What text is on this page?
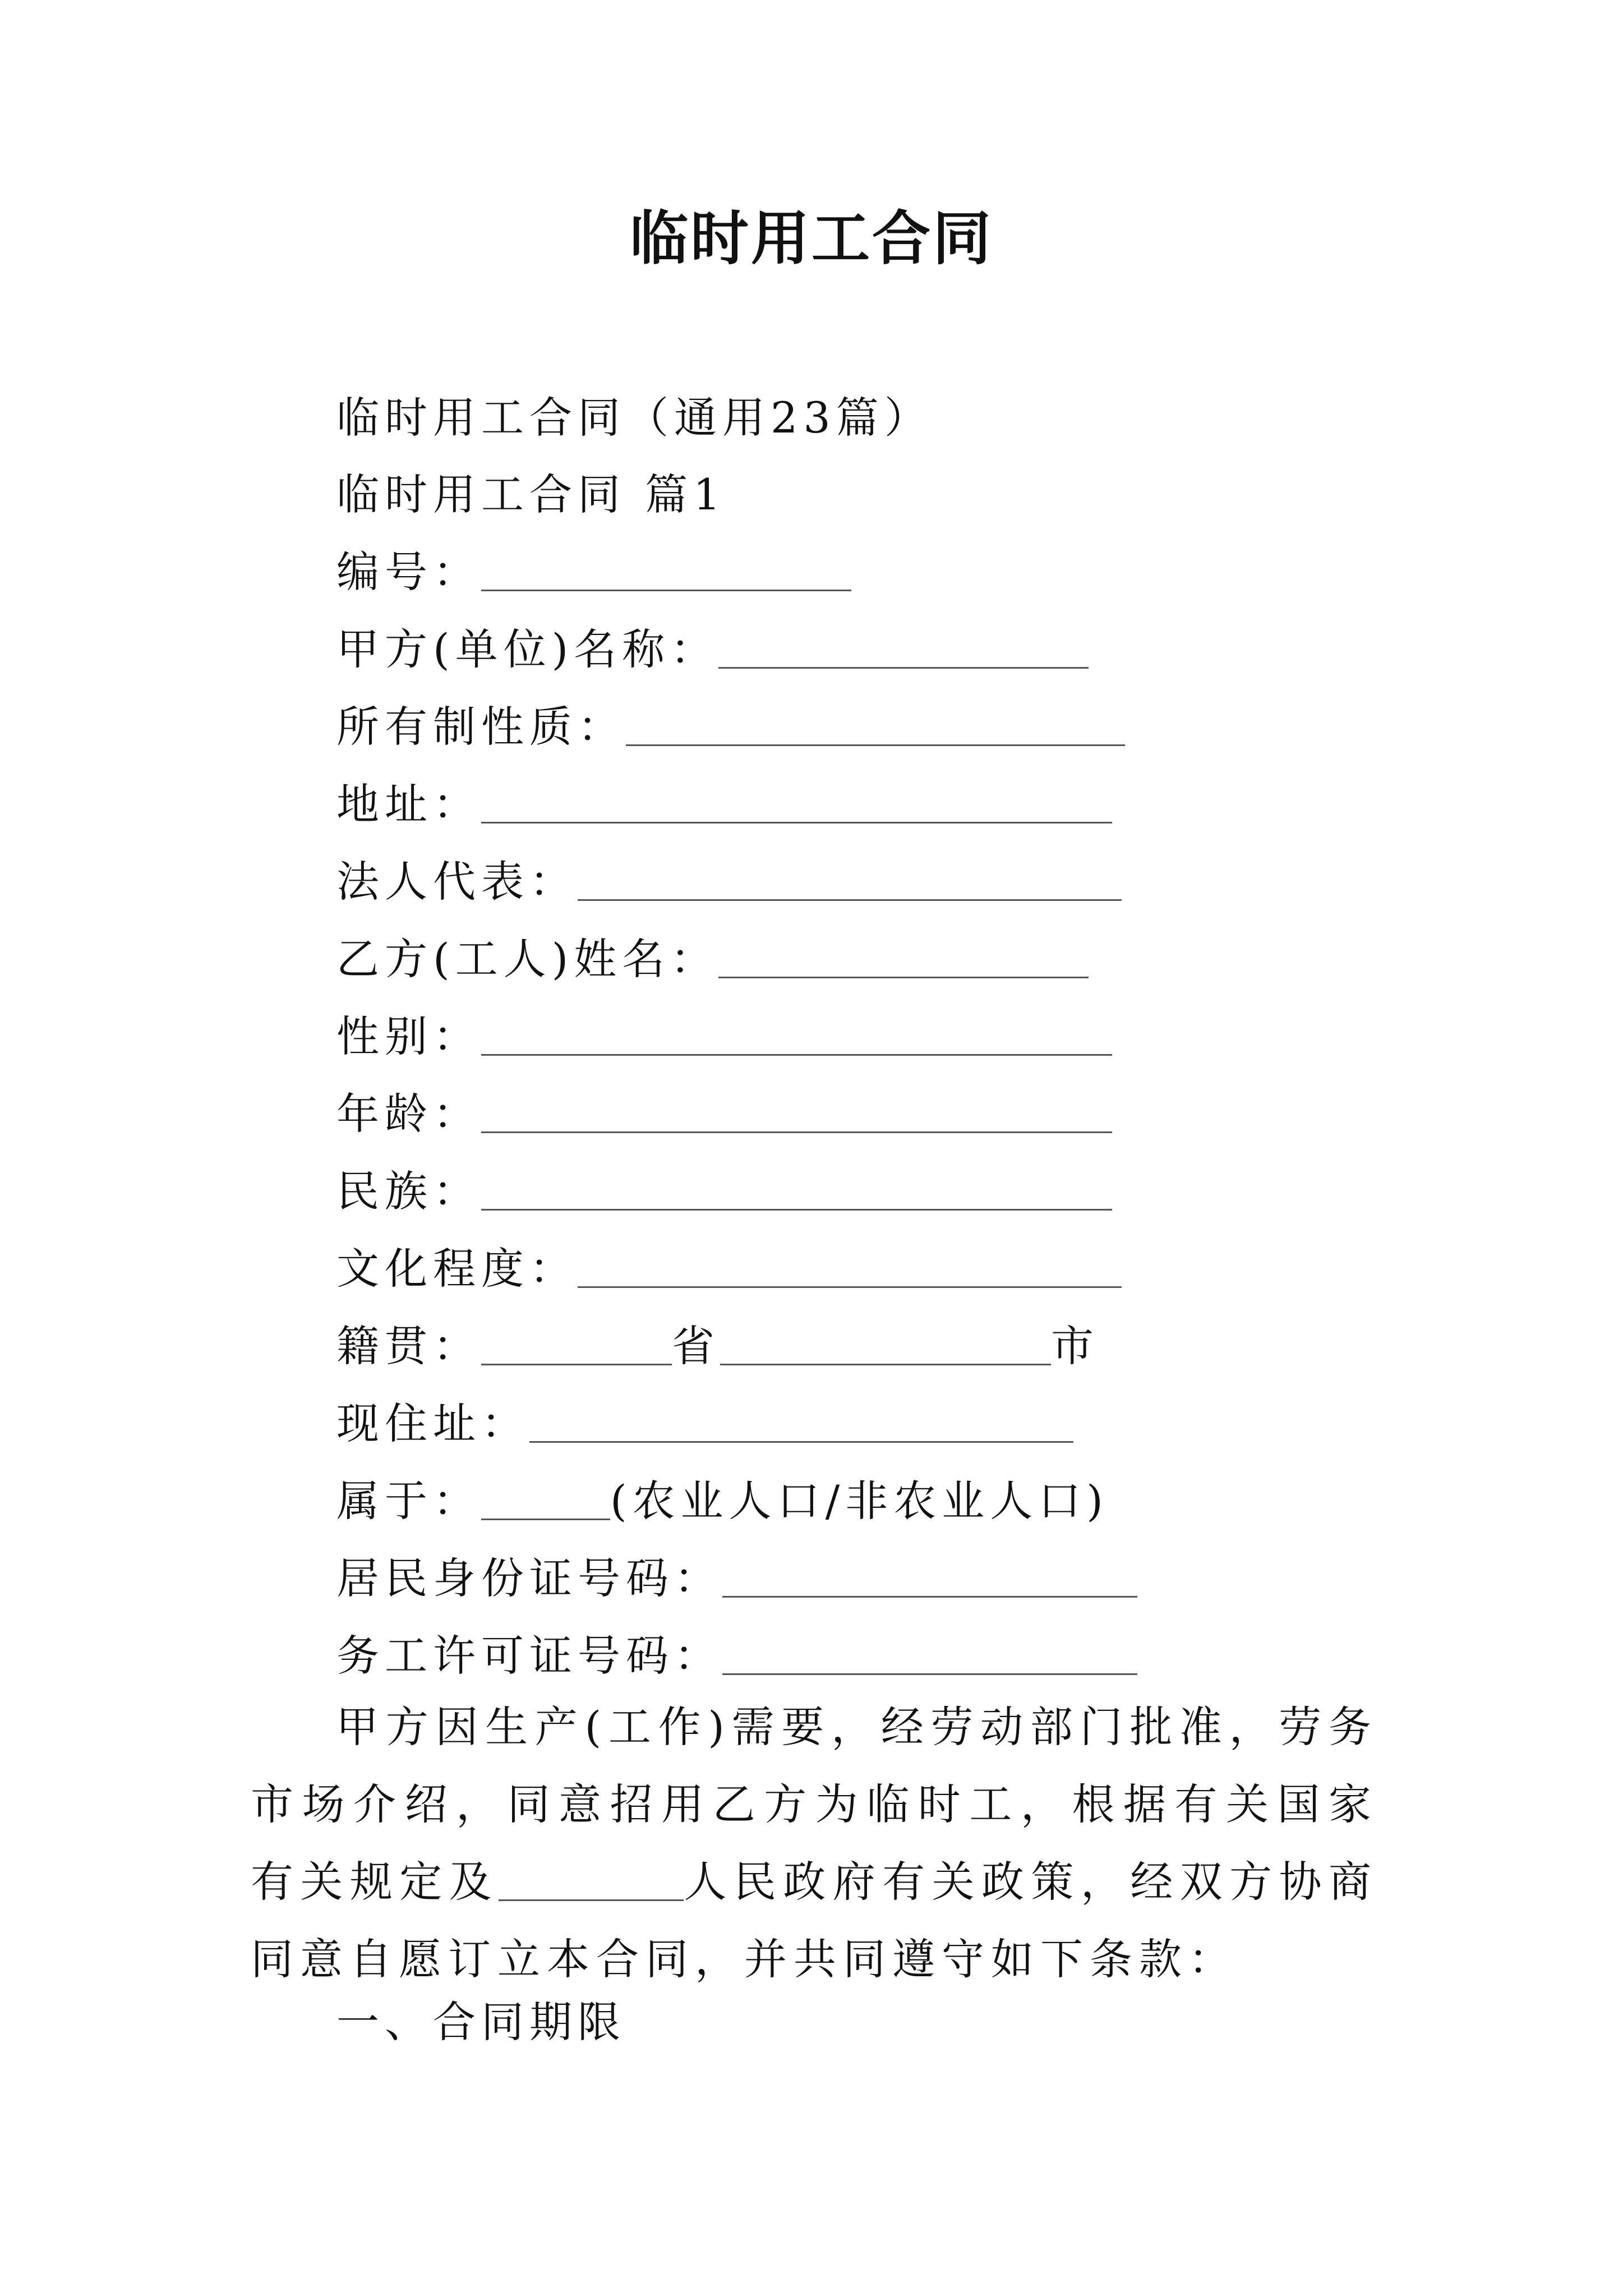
临时用工合同
临时用工合同（通用23篇）
临时用工合同 篇1
编号：
甲方(单位)名称：
所有制性质：
地址：
法人代表：
乙方(工人)姓名：
性别：
年龄：
民族：
文化程度：
籍贯：	省	市
现住址：
属于：	(农业人口/非农业人口)
居民身份证号码：
务工许可证号码：
甲方因生产(工作)需要，经劳动部门批准，劳务市场介绍，同意招用乙方为临时工，根据有关国家有关规定及	人民政府有关政策，经双方协商同意自愿订立本合同，并共同遵守如下条款：
一、合同期限
